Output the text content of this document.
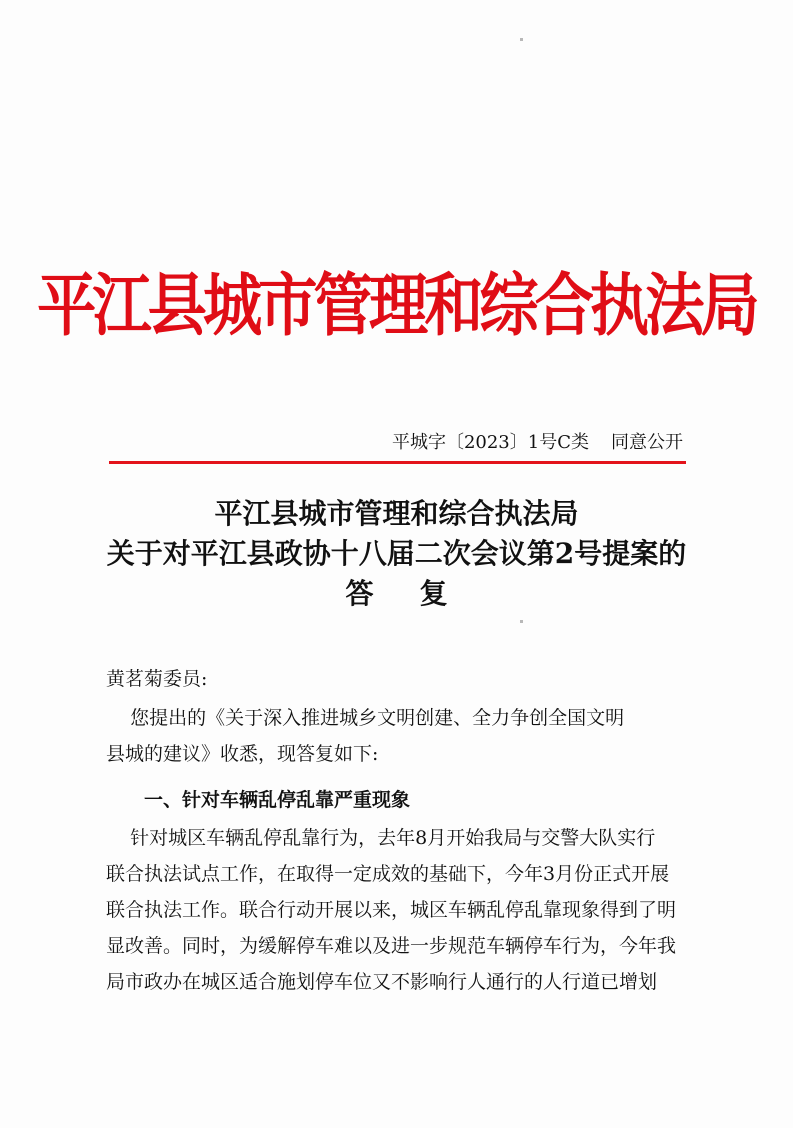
平江县城市管理和综合执法局
平城字〔2023〕1号C类 同意公开
平江县城市管理和综合执法局
关于对平江县政协十八届二次会议第2号提案的
答复
黄茗菊委员:
您提出的《关于深入推进城乡文明创建、全力争创全国文明
县城的建议》收悉，现答复如下:
一、针对车辆乱停乱靠严重现象
针对城区车辆乱停乱靠行为，去年8月开始我局与交警大队实行
联合执法试点工作，在取得一定成效的基础下，今年3月份正式开展
联合执法工作。联合行动开展以来，城区车辆乱停乱靠现象得到了明
显改善。同时，为缓解停车难以及进一步规范车辆停车行为，今年我
局市政办在城区适合施划停车位又不影响行人通行的人行道已增划
